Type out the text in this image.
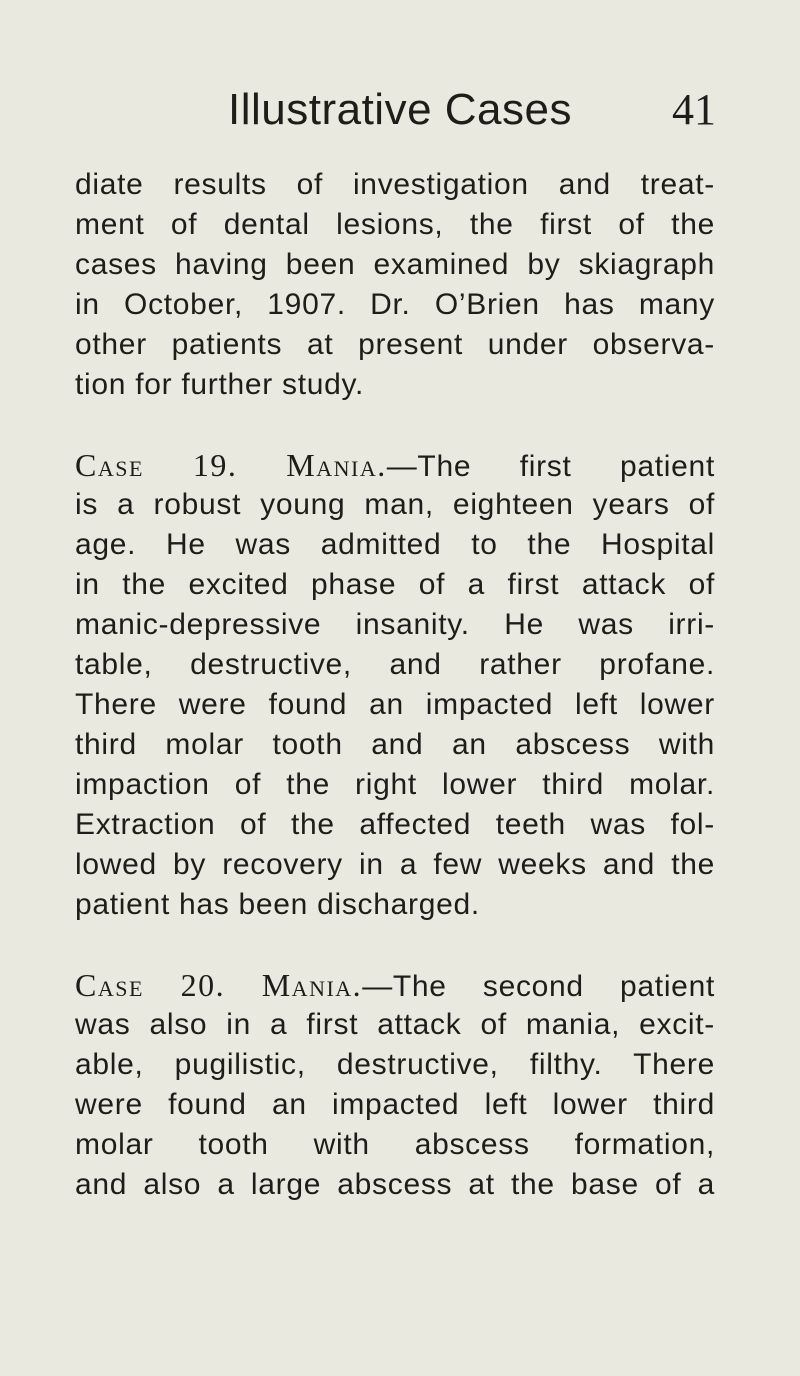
Illustrative Cases	41
diate results of investigation and treat-
ment of dental lesions, the first of the
cases having been examined by skiagraph
in October, 1907. Dr. O’Brien has many
other patients at present under observa-
tion for further study.
Case 19. Mania.—The first patient
is a robust young man, eighteen years of
age. He was admitted to the Hospital
in the excited phase of a first attack of
manic-depressive insanity. He was irri-
table, destructive, and rather profane.
There were found an impacted left lower
third molar tooth and an abscess with
impaction of the right lower third molar.
Extraction of the affected teeth was fol-
lowed by recovery in a few weeks and the
patient has been discharged.
Case 20. Mania.—The second patient
was also in a first attack of mania, excit-
able, pugilistic, destructive, filthy. There
were found an impacted left lower third
molar tooth with abscess formation,
and also a large abscess at the base of a
